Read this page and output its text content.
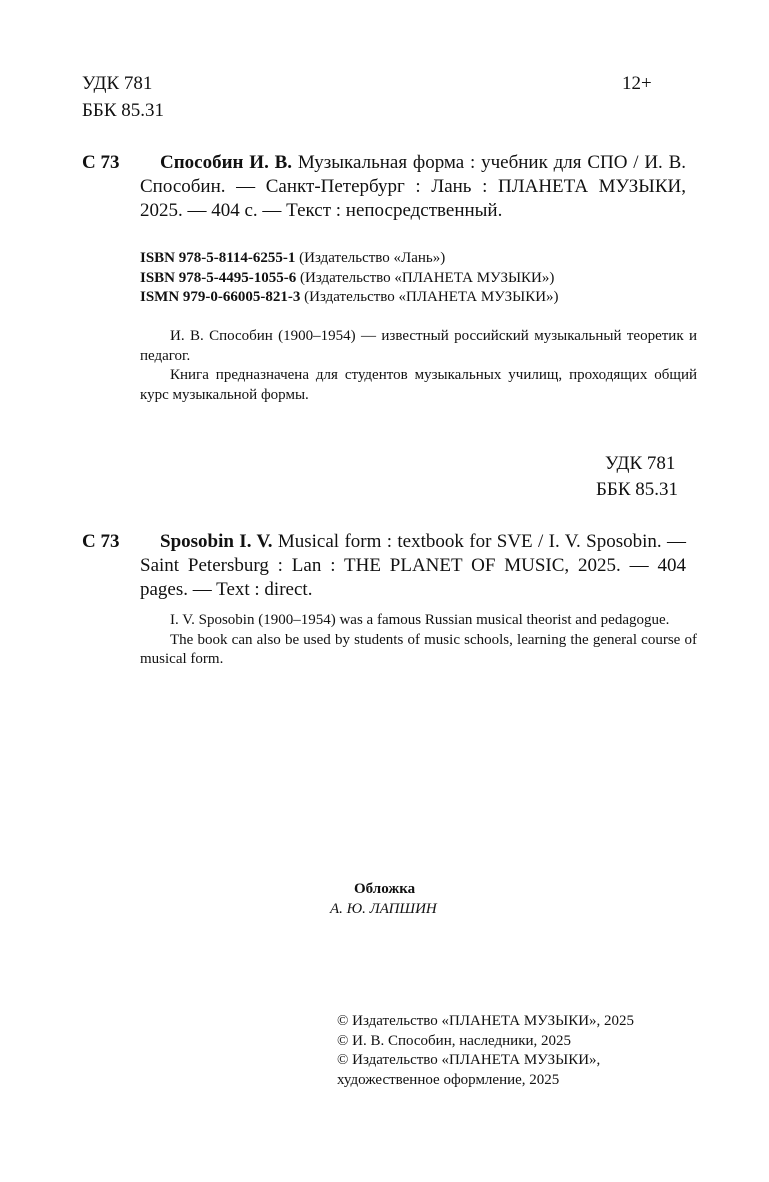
УДК 781
ББК 85.31
12+
С 73	Способин И. В. Музыкальная форма : учебник для СПО / И. В. Способин. — Санкт-Петербург : Лань : ПЛАНЕТА МУЗЫКИ, 2025. — 404 с. — Текст : непосредственный.
ISBN 978-5-8114-6255-1 (Издательство «Лань»)
ISBN 978-5-4495-1055-6 (Издательство «ПЛАНЕТА МУЗЫКИ»)
ISMN 979-0-66005-821-3 (Издательство «ПЛАНЕТА МУЗЫКИ»)
И. В. Способин (1900–1954) — известный российский музыкальный теоретик и педагог.
Книга предназначена для студентов музыкальных училищ, проходящих общий курс музыкальной формы.
УДК 781
ББК 85.31
С 73	Sposobin I. V. Musical form : textbook for SVE / I. V. Sposobin. — Saint Petersburg : Lan : THE PLANET OF MUSIC, 2025. — 404 pages. — Text : direct.
I. V. Sposobin (1900–1954) was a famous Russian musical theorist and pedagogue.
The book can also be used by students of music schools, learning the general course of musical form.
Обложка
А. Ю. ЛАПШИН
© Издательство «ПЛАНЕТА МУЗЫКИ», 2025
© И. В. Способин, наследники, 2025
© Издательство «ПЛАНЕТА МУЗЫКИ»,
художественное оформление, 2025
